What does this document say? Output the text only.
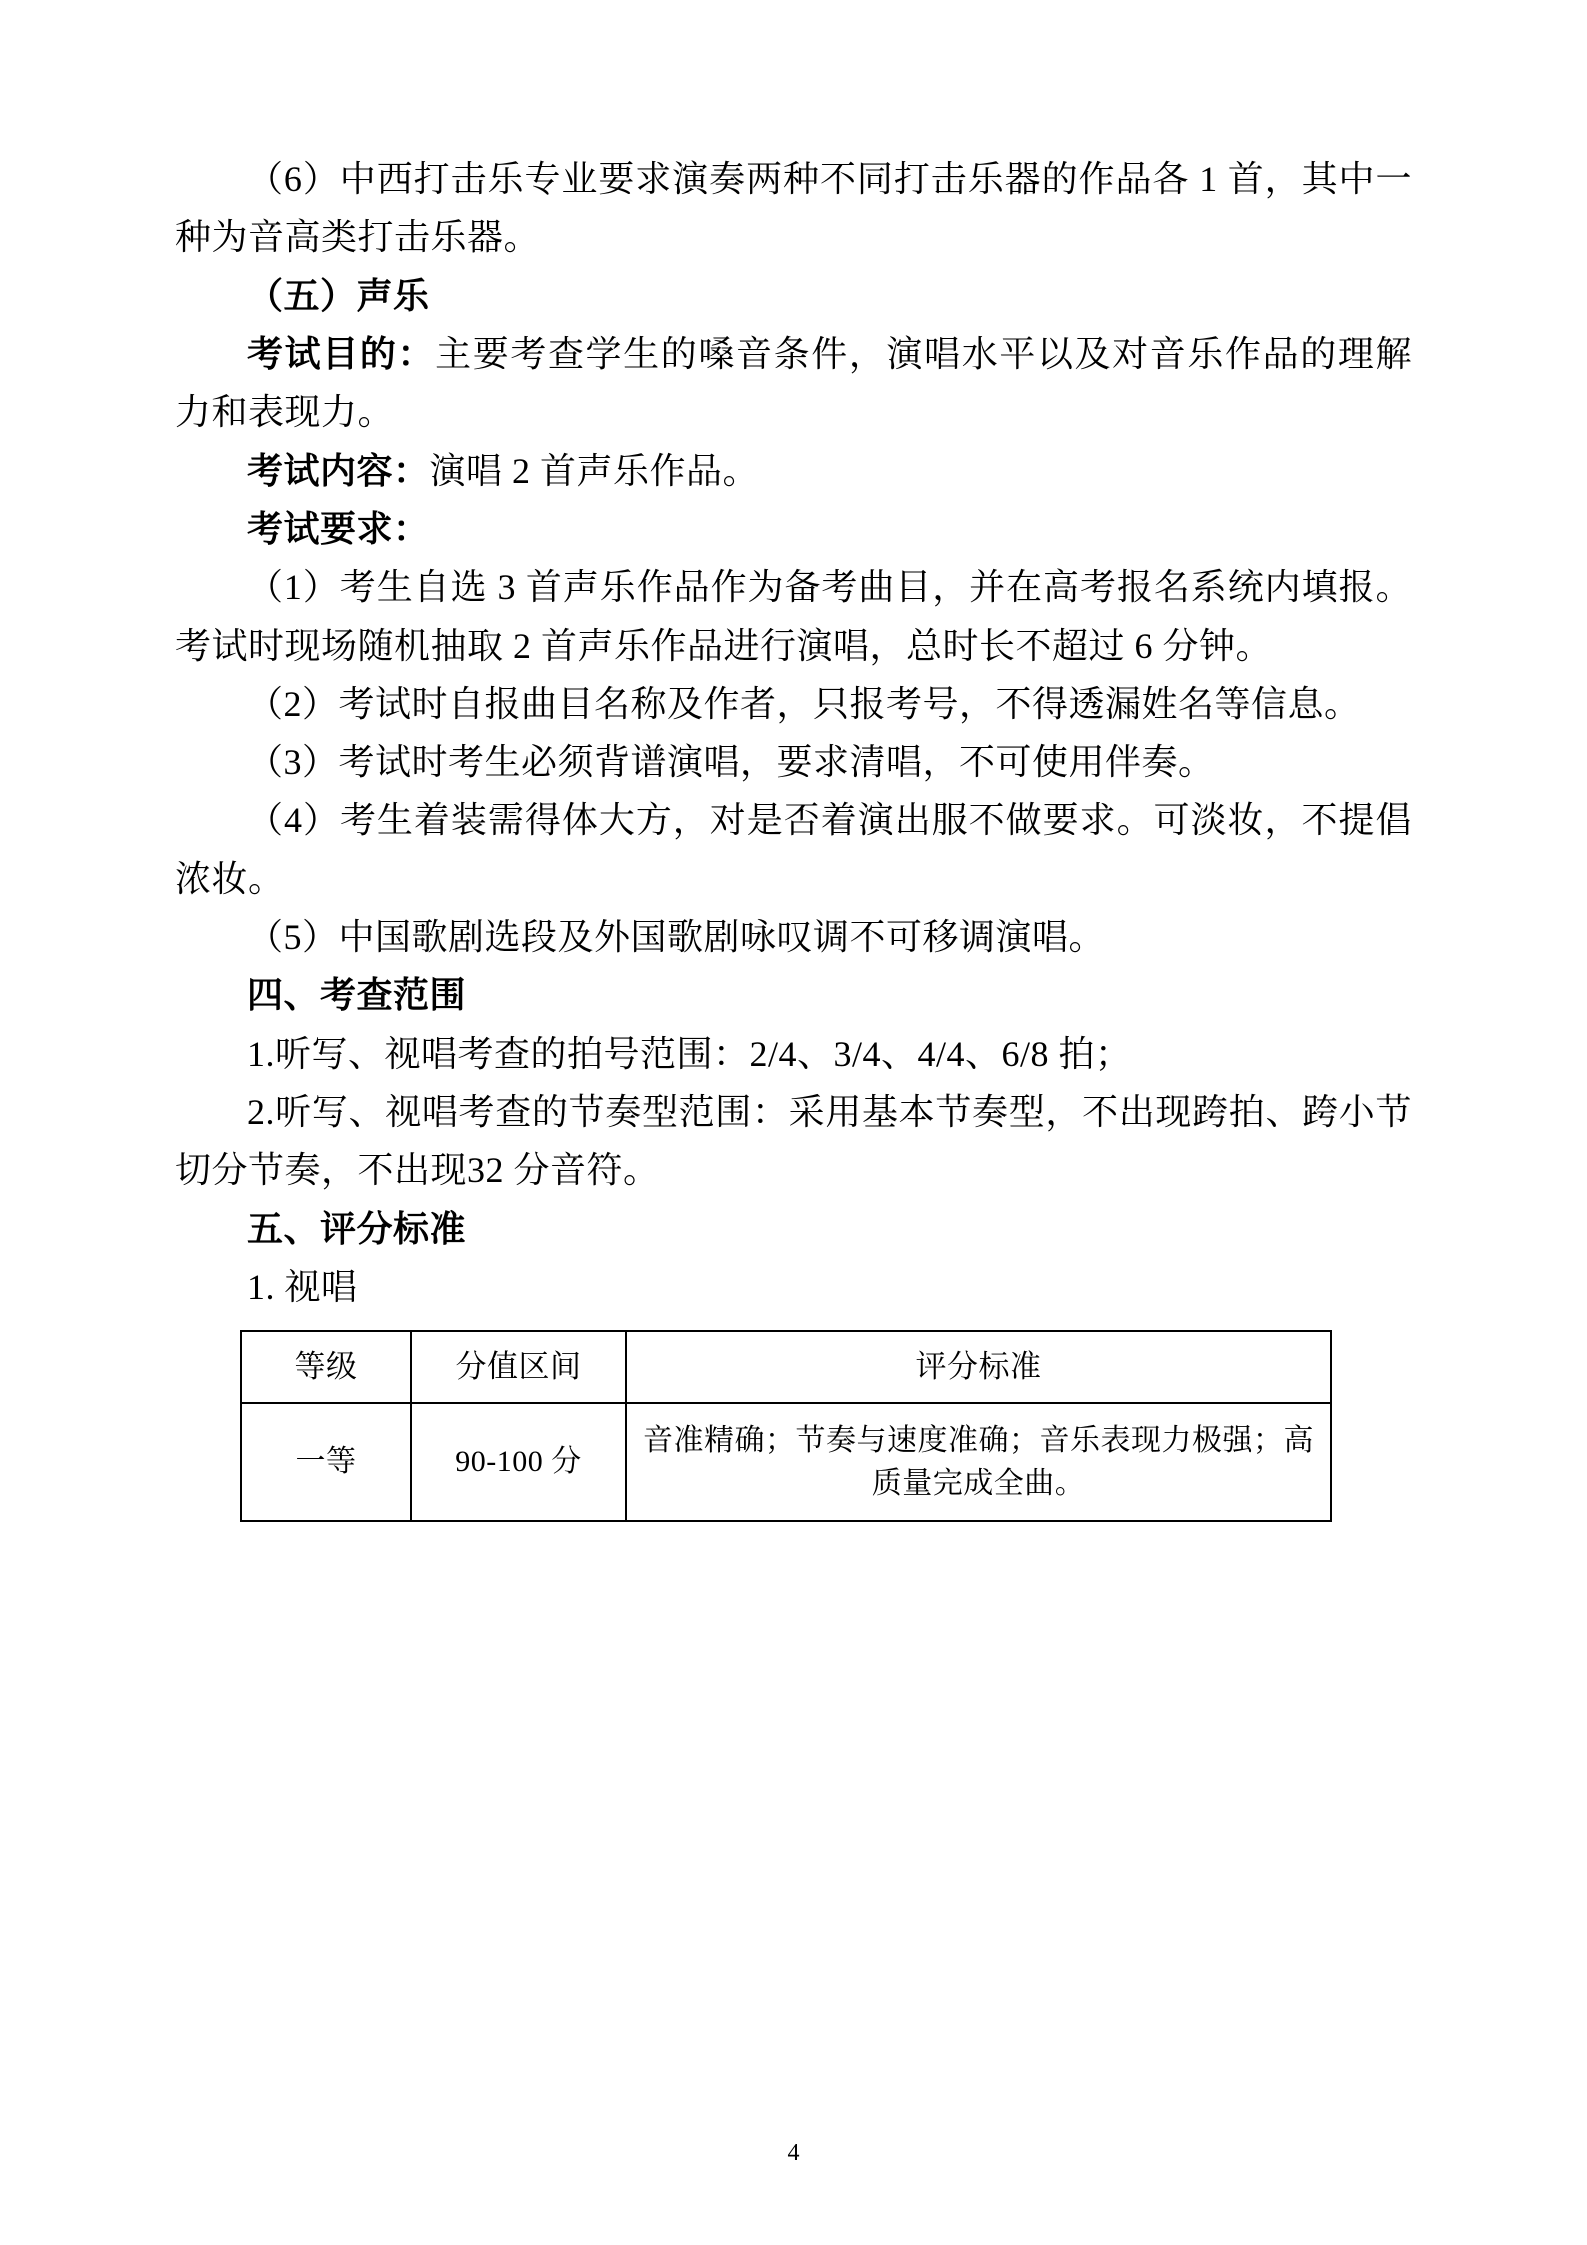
（6）中西打击乐专业要求演奏两种不同打击乐器的作品各 1 首，其中一种为音高类打击乐器。

（五）声乐

考试目的：主要考查学生的嗓音条件，演唱水平以及对音乐作品的理解力和表现力。

考试内容：演唱 2 首声乐作品。

考试要求：

（1）考生自选 3 首声乐作品作为备考曲目，并在高考报名系统内填报。考试时现场随机抽取 2 首声乐作品进行演唱，总时长不超过 6 分钟。

（2）考试时自报曲目名称及作者，只报考号，不得透漏姓名等信息。

（3）考试时考生必须背谱演唱，要求清唱，不可使用伴奏。

（4）考生着装需得体大方，对是否着演出服不做要求。可淡妆，不提倡浓妆。

（5）中国歌剧选段及外国歌剧咏叹调不可移调演唱。

四、考查范围

1.听写、视唱考查的拍号范围：2/4、3/4、4/4、6/8 拍；

2.听写、视唱考查的节奏型范围：采用基本节奏型，不出现跨拍、跨小节切分节奏，不出现32 分音符。

五、评分标准

1. 视唱

等级	分值区间	评分标准
一等	90-100 分	音准精确；节奏与速度准确；音乐表现力极强；高质量完成全曲。
4
